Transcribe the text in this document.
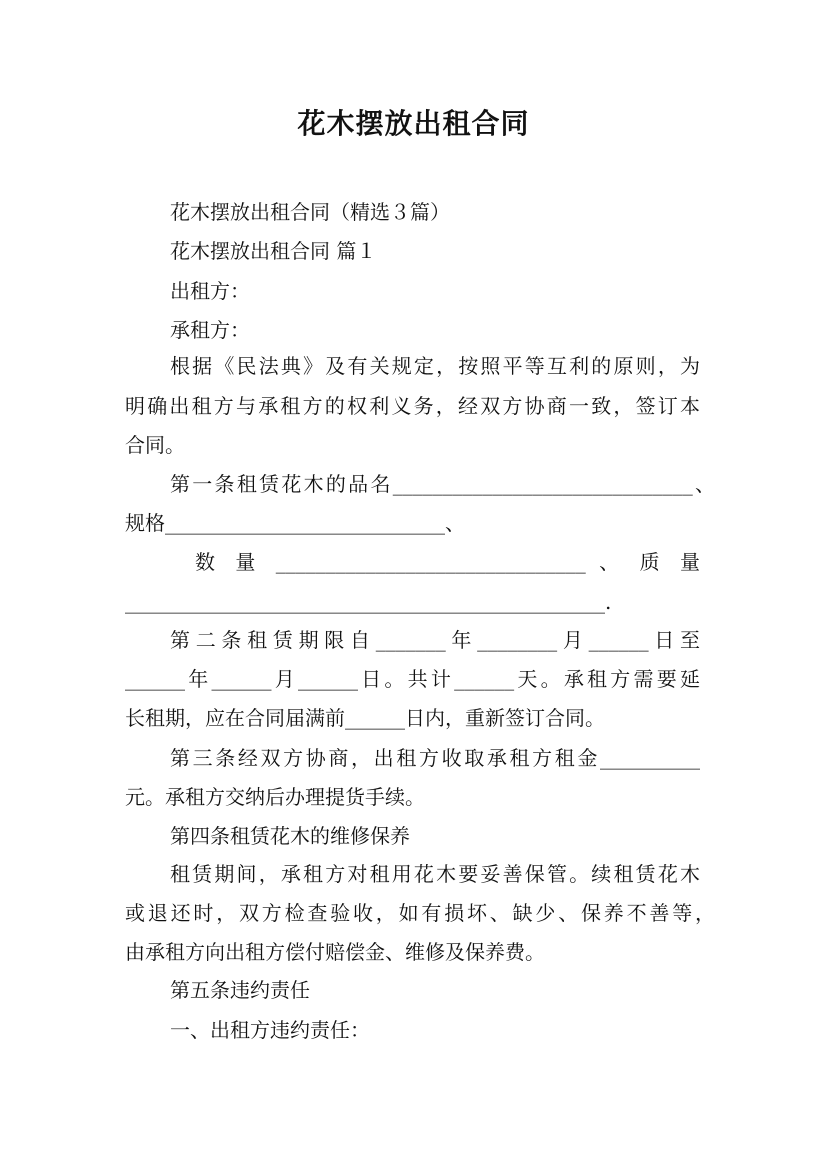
花木摆放出租合同
花木摆放出租合同（精选３篇）
花木摆放出租合同 篇１
出租方：
承租方：
根据《民法典》及有关规定，按照平等互利的原则，为
明确出租方与承租方的权利义务，经双方协商一致，签订本
合同。
第一条租赁花木的品名______________________________、
规格____________________________、
数 量 _______________________________ 、 质 量
________________________________________________.
第二条租赁期限自_______年________月______日至
______年______月______日。共计______天。承租方需要延
长租期，应在合同届满前______日内，重新签订合同。
第三条经双方协商，出租方收取承租方租金__________
元。承租方交纳后办理提货手续。
第四条租赁花木的维修保养
租赁期间，承租方对租用花木要妥善保管。续租赁花木
或退还时，双方检查验收，如有损坏、缺少、保养不善等，
由承租方向出租方偿付赔偿金、维修及保养费。
第五条违约责任
一、出租方违约责任：
